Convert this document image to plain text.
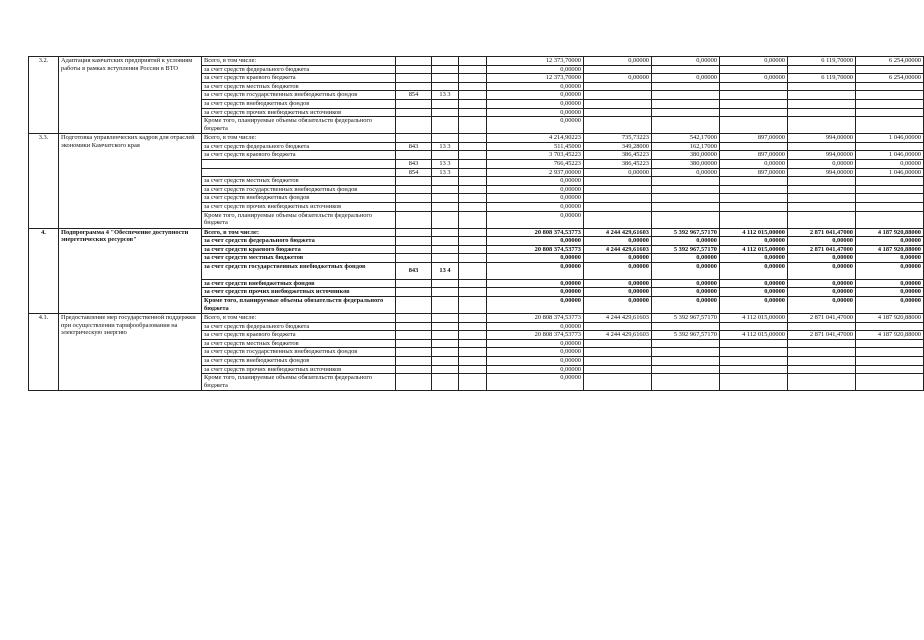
3.2.	Адаптация камчатских предприятий к условиям работы в рамках вступления России в ВТО	Всего, в том числе:				12 373,70000	0,00000	0,00000	0,00000	6 119,70000	6 254,00000
		за счет средств федерального бюджета				0,00000					
		за счет средств краевого бюджета				12 373,70000	0,00000	0,00000	0,00000	6 119,70000	6 254,00000
		за счет средств местных бюджетов				0,00000					
		за счет средств государственных внебюджетных фондов	854	13 3		0,00000					
		за счет средств внебюджетных фондов				0,00000					
		за счет средств прочих внебюджетных источников				0,00000					
		Кроме того, планируемые объемы обязательств федерального бюджета				0,00000					
3.3.	Подготовка управленческих кадров для отраслей экономики Камчатского края	Всего, в том числе:				4 214,90223	735,73223	542,17000	897,00000	994,00000	1 046,00000
		за счет средств федерального бюджета	843	13 3		511,45000	349,28000	162,17000			
		за счет средств краевого бюджета				3 703,45223	386,45223	380,00000	897,00000	994,00000	1 046,00000
			843	13 3		766,45223	386,45223	380,00000	0,00000	0,00000	0,00000
			854	13 3		2 937,00000	0,00000	0,00000	897,00000	994,00000	1 046,00000
		за счет средств местных бюджетов				0,00000					
		за счет средств государственных внебюджетных фондов				0,00000					
		за счет средств внебюджетных фондов				0,00000					
		за счет средств прочих внебюджетных источников				0,00000					
		Кроме того, планируемые объемы обязательств федерального бюджета				0,00000					
4.	Подпрограмма 4 "Обеспечение доступности энергетических ресурсов"	Всего, в том числе:				20 808 374,53773	4 244 429,61603	5 392 967,57170	4 112 015,00000	2 871 041,47000	4 187 920,88000
		за счет средств федерального бюджета				0,00000	0,00000	0,00000	0,00000	0,00000	0,00000
		за счет средств краевого бюджета				20 808 374,53773	4 244 429,61603	5 392 967,57170	4 112 015,00000	2 871 041,47000	4 187 920,88000
		за счет средств местных бюджетов				0,00000	0,00000	0,00000	0,00000	0,00000	0,00000
		за счет средств государственных внебюджетных фондов	843	13 4		0,00000	0,00000	0,00000	0,00000	0,00000	0,00000
		за счет средств внебюджетных фондов				0,00000	0,00000	0,00000	0,00000	0,00000	0,00000
		за счет средств прочих внебюджетных источников				0,00000	0,00000	0,00000	0,00000	0,00000	0,00000
		Кроме того, планируемые объемы обязательств федерального бюджета				0,00000	0,00000	0,00000	0,00000	0,00000	0,00000
4.1.	Предоставление мер государственной поддержки при осуществлении тарифообразования на электрическую энергию	Всего, в том числе:				20 808 374,53773	4 244 429,61603	5 392 967,57170	4 112 015,00000	2 871 041,47000	4 187 920,88000
		за счет средств федерального бюджета				0,00000					
		за счет средств краевого бюджета				20 808 374,53773	4 244 429,61603	5 392 967,57170	4 112 015,00000	2 871 041,47000	4 187 920,88000
		за счет средств местных бюджетов				0,00000					
		за счет средств государственных внебюджетных фондов				0,00000					
		за счет средств внебюджетных фондов				0,00000					
		за счет средств прочих внебюджетных источников				0,00000					
		Кроме того, планируемые объемы обязательств федерального бюджета				0,00000					
